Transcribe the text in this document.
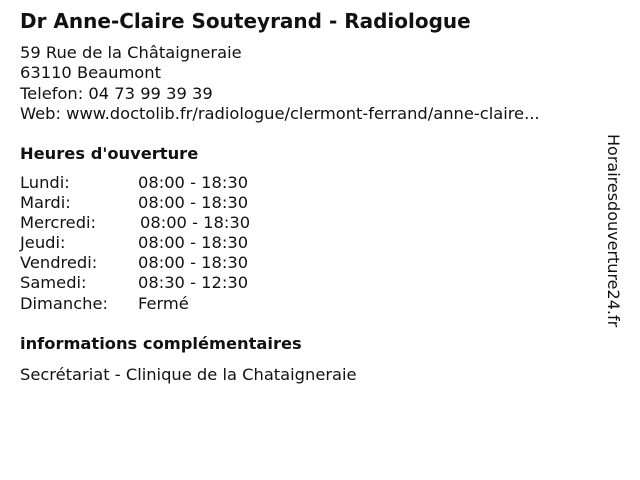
Dr Anne-Claire Souteyrand - Radiologue
59 Rue de la Châtaigneraie
63110 Beaumont
Telefon: 04 73 99 39 39
Web: www.doctolib.fr/radiologue/clermont-ferrand/anne-claire...
Heures d'ouverture
Lundi:	08:00 - 18:30
Mardi:	08:00 - 18:30
Mercredi:	08:00 - 18:30
Jeudi:	08:00 - 18:30
Vendredi:	08:00 - 18:30
Samedi:	08:30 - 12:30
Dimanche: Fermé
informations complémentaires
Secrétariat - Clinique de la Chataigneraie
Horairesdouverture24.fr
